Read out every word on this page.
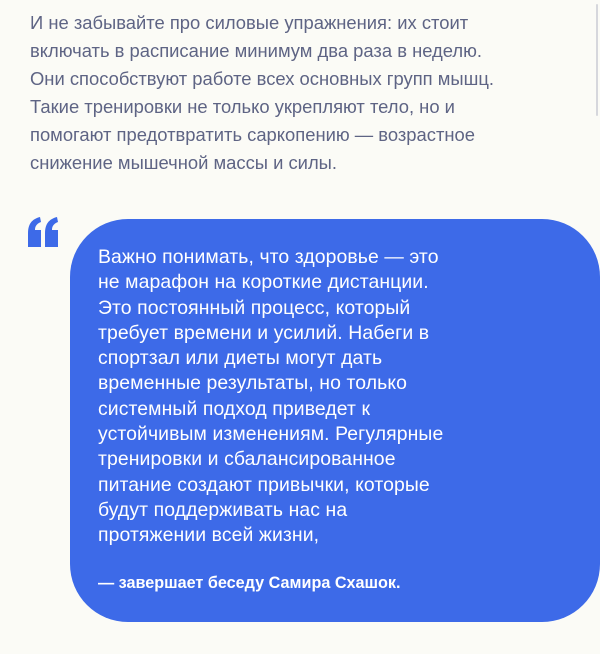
И не забывайте про силовые упражнения: их стоит
включать в расписание минимум два раза в неделю.
Они способствуют работе всех основных групп мышц.
Такие тренировки не только укрепляют тело, но и
помогают предотвратить саркопению — возрастное
снижение мышечной массы и силы.

Важно понимать, что здоровье — это
не марафон на короткие дистанции.
Это постоянный процесс, который
требует времени и усилий. Набеги в
спортзал или диеты могут дать
временные результаты, но только
системный подход приведет к
устойчивым изменениям. Регулярные
тренировки и сбалансированное
питание создают привычки, которые
будут поддерживать нас на
протяжении всей жизни,

— завершает беседу Самира Схашок.
